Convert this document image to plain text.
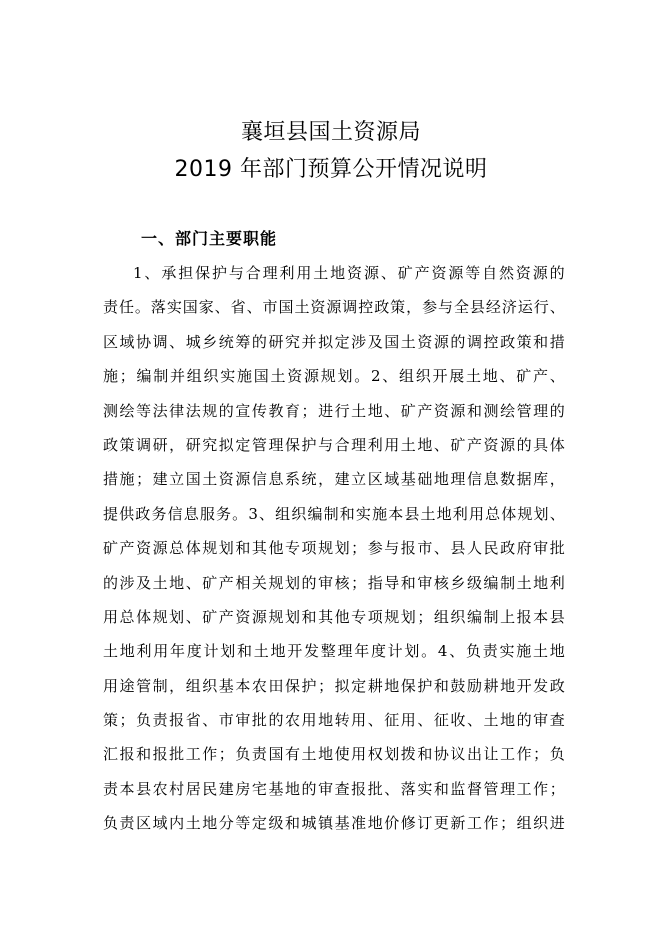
襄垣县国土资源局
2019 年部门预算公开情况说明
一、部门主要职能
1、承担保护与合理利用土地资源、矿产资源等自然资源的
责任。落实国家、省、市国土资源调控政策，参与全县经济运行、
区域协调、城乡统筹的研究并拟定涉及国土资源的调控政策和措
施；编制并组织实施国土资源规划。2、组织开展土地、矿产、
测绘等法律法规的宣传教育；进行土地、矿产资源和测绘管理的
政策调研，研究拟定管理保护与合理利用土地、矿产资源的具体
措施；建立国土资源信息系统，建立区域基础地理信息数据库，
提供政务信息服务。3、组织编制和实施本县土地利用总体规划、
矿产资源总体规划和其他专项规划；参与报市、县人民政府审批
的涉及土地、矿产相关规划的审核；指导和审核乡级编制土地利
用总体规划、矿产资源规划和其他专项规划；组织编制上报本县
土地利用年度计划和土地开发整理年度计划。4、负责实施土地
用途管制，组织基本农田保护；拟定耕地保护和鼓励耕地开发政
策；负责报省、市审批的农用地转用、征用、征收、土地的审查
汇报和报批工作；负责国有土地使用权划拨和协议出让工作；负
责本县农村居民建房宅基地的审查报批、落实和监督管理工作；
负责区域内土地分等定级和城镇基准地价修订更新工作；组织进
